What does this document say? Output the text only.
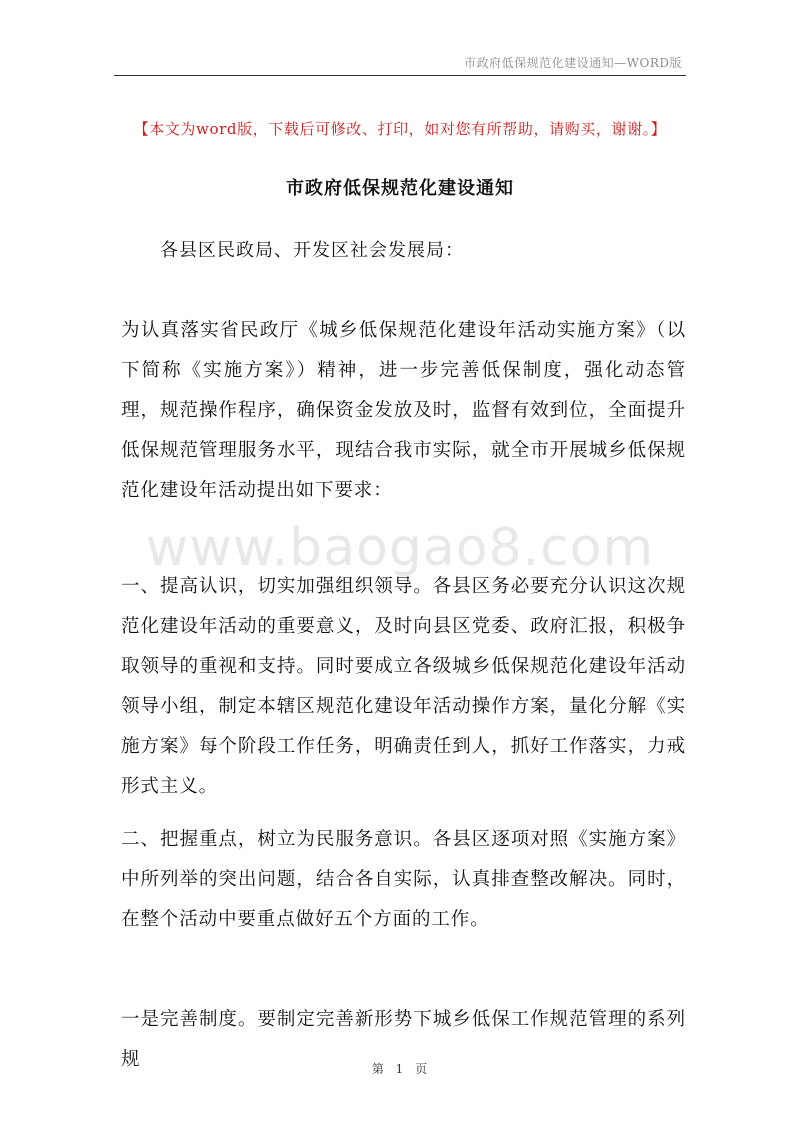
市政府低保规范化建设通知—WORD版
【本文为word版，下载后可修改、打印，如对您有所帮助，请购买，谢谢。】
市政府低保规范化建设通知
各县区民政局、开发区社会发展局：
为认真落实省民政厅《城乡低保规范化建设年活动实施方案》（以下简称《实施方案》）精神，进一步完善低保制度，强化动态管理，规范操作程序，确保资金发放及时，监督有效到位，全面提升低保规范管理服务水平，现结合我市实际，就全市开展城乡低保规范化建设年活动提出如下要求：
一、提高认识，切实加强组织领导。各县区务必要充分认识这次规范化建设年活动的重要意义，及时向县区党委、政府汇报，积极争取领导的重视和支持。同时要成立各级城乡低保规范化建设年活动领导小组，制定本辖区规范化建设年活动操作方案，量化分解《实施方案》每个阶段工作任务，明确责任到人，抓好工作落实，力戒形式主义。
二、把握重点，树立为民服务意识。各县区逐项对照《实施方案》中所列举的突出问题，结合各自实际，认真排查整改解决。同时，在整个活动中要重点做好五个方面的工作。
一是完善制度。要制定完善新形势下城乡低保工作规范管理的系列规
www.baogao8.com
第 1 页
